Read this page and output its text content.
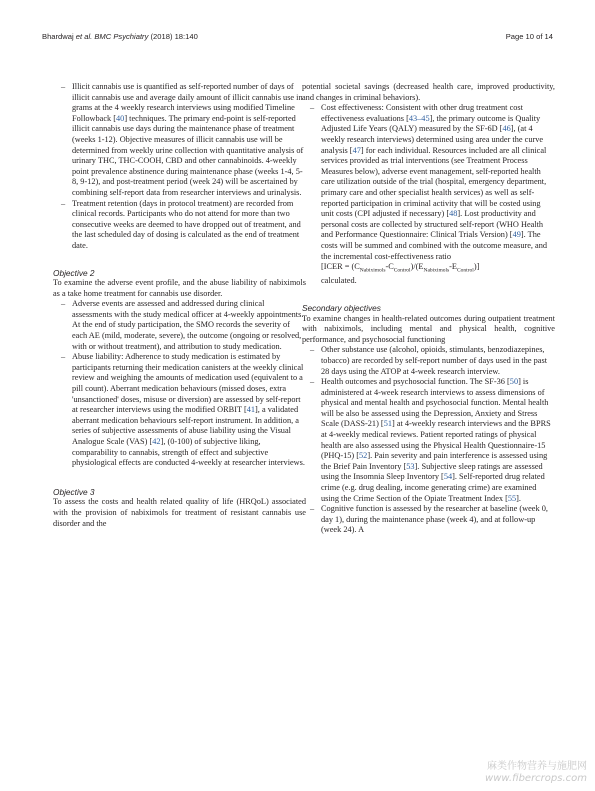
Bhardwaj et al. BMC Psychiatry (2018) 18:140	Page 10 of 14
– Illicit cannabis use is quantified as self-reported number of days of illicit cannabis use and average daily amount of illicit cannabis use in grams at the 4 weekly research interviews using modified Timeline Followback [40] techniques. The primary end-point is self-reported illicit cannabis use days during the maintenance phase of treatment (weeks 1-12). Objective measures of illicit cannabis use will be determined from weekly urine collection with quantitative analysis of urinary THC, THC-COOH, CBD and other cannabinoids. 4-weekly point prevalence abstinence during maintenance phase (weeks 1-4, 5-8, 9-12), and post-treatment period (week 24) will be ascertained by combining self-report data from researcher interviews and urinalysis.
– Treatment retention (days in protocol treatment) are recorded from clinical records. Participants who do not attend for more than two consecutive weeks are deemed to have dropped out of treatment, and the last scheduled day of dosing is calculated as the end of treatment date.
Objective 2

To examine the adverse event profile, and the abuse liability of nabiximols as a take home treatment for cannabis use disorder.

– Adverse events are assessed and addressed during clinical assessments with the study medical officer at 4-weekly appointments. At the end of study participation, the SMO records the severity of each AE (mild, moderate, severe), the outcome (ongoing or resolved, with or without treatment), and attribution to study medication.
– Abuse liability: Adherence to study medication is estimated by participants returning their medication canisters at the weekly clinical review and weighing the amounts of medication used (equivalent to a pill count). Aberrant medication behaviours (missed doses, extra 'unsanctioned' doses, misuse or diversion) are assessed by self-report at researcher interviews using the modified ORBIT [41], a validated aberrant medication behaviours self-report instrument. In addition, a series of subjective assessments of abuse liability using the Visual Analogue Scale (VAS) [42], (0-100) of subjective liking, comparability to cannabis, strength of effect and subjective physiological effects are conducted 4-weekly at researcher interviews.
Objective 3

To assess the costs and health related quality of life (HRQoL) associated with the provision of nabiximols for treatment of resistant cannabis use disorder and the

potential societal savings (decreased health care, improved productivity, and changes in criminal behaviors).

– Cost effectiveness: Consistent with other drug treatment cost effectiveness evaluations [43–45], the primary outcome is Quality Adjusted Life Years (QALY) measured by the SF-6D [46], (at 4 weekly research interviews) determined using area under the curve analysis [47] for each individual. Resources included are all clinical services provided as trial interventions (see Treatment Process Measures below), adverse event management, self-reported health care utilization outside of the trial (hospital, emergency department, primary care and other specialist health services) as well as self-reported participation in criminal activity that will be costed using unit costs (CPI adjusted if necessary) [48]. Lost productivity and personal costs are collected by structured self-report (WHO Health and Performance Questionnaire: Clinical Trials Version) [49]. The costs will be summed and combined with the outcome measure, and the incremental cost-effectiveness ratio
[ICER = $(C_{Nabiximols}-C_{Control})/(E_{Nabiximols}-E_{Control})$]
calculated.
Secondary objectives

To examine changes in health-related outcomes during outpatient treatment with nabiximols, including mental and physical health, cognitive performance, and psychosocial functioning

– Other substance use (alcohol, opioids, stimulants, benzodiazepines, tobacco) are recorded by self-report number of days used in the past 28 days using the ATOP at 4-week research interview.
– Health outcomes and psychosocial function. The SF-36 [50] is administered at 4-week research interviews to assess dimensions of physical and mental health and psychosocial function. Mental health will be also be assessed using the Depression, Anxiety and Stress Scale (DASS-21) [51] at 4-weekly research interviews and the BPRS at 4-weekly medical reviews. Patient reported ratings of physical health are also assessed using the Physical Health Questionnaire-15 (PHQ-15) [52]. Pain severity and pain interference is assessed using the Brief Pain Inventory [53]. Subjective sleep ratings are assessed using the Insomnia Sleep Inventory [54]. Self-reported drug related crime (e.g. drug dealing, income generating crime) are examined using the Crime Section of the Opiate Treatment Index [55].
– Cognitive function is assessed by the researcher at baseline (week 0, day 1), during the maintenance phase (week 4), and at follow-up (week 24). A
麻类作物营养与施肥网
www.fibercrops.com
